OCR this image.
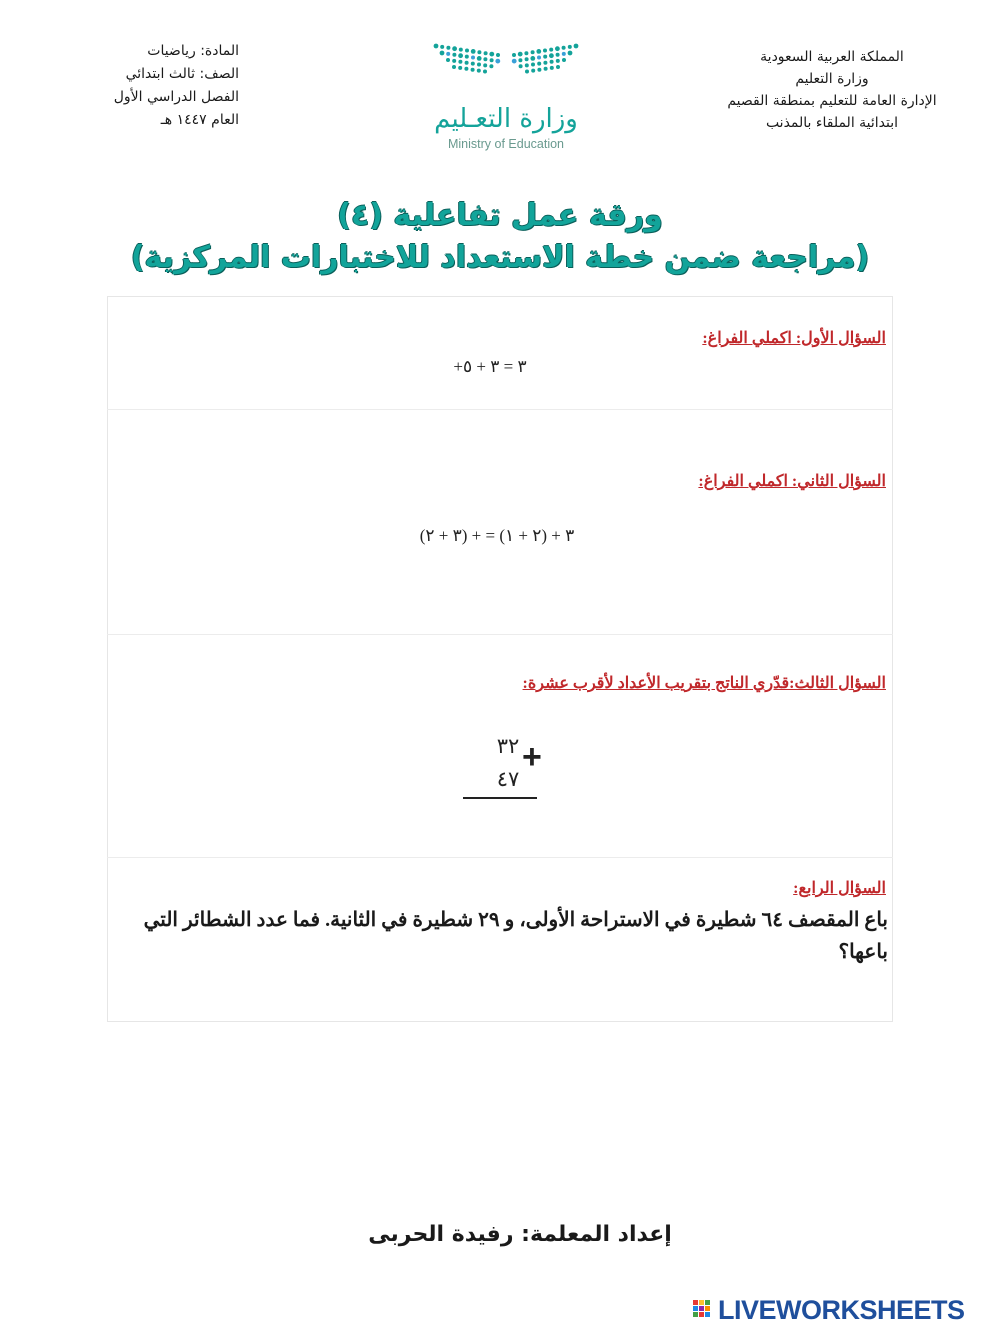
المملكة العربية السعودية
وزارة التعليم
الإدارة العامة للتعليم بمنطقة القصيم
ابتدائية الملقاء بالمذنب
المادة: رياضيات
الصف: ثالث ابتدائي
الفصل الدراسي الأول
العام ١٤٤٧ هـ	وزارة التعـليم
Ministry of Education
ورقة عمل تفاعلية (٤)
(مراجعة ضمن خطة الاستعداد للاختبارات المركزية)
السؤال الأول: اكملي الفراغ:
+٣ = ٣ + ٥
السؤال الثاني: اكملي الفراغ:
(٣ + ٢) + = ٣ + (٢ + ١)
السؤال الثالث:قدّري الناتج بتقريب الأعداد لأقرب عشرة:
٣٢
٤٧
+
السؤال الرابع:
باع المقصف ٦٤ شطيرة في الاستراحة الأولى، و ٢٩ شطيرة في الثانية. فما عدد الشطائر التي باعها؟
إعداد المعلمة: رفيدة الحربى
LIVEWORKSHEETS
